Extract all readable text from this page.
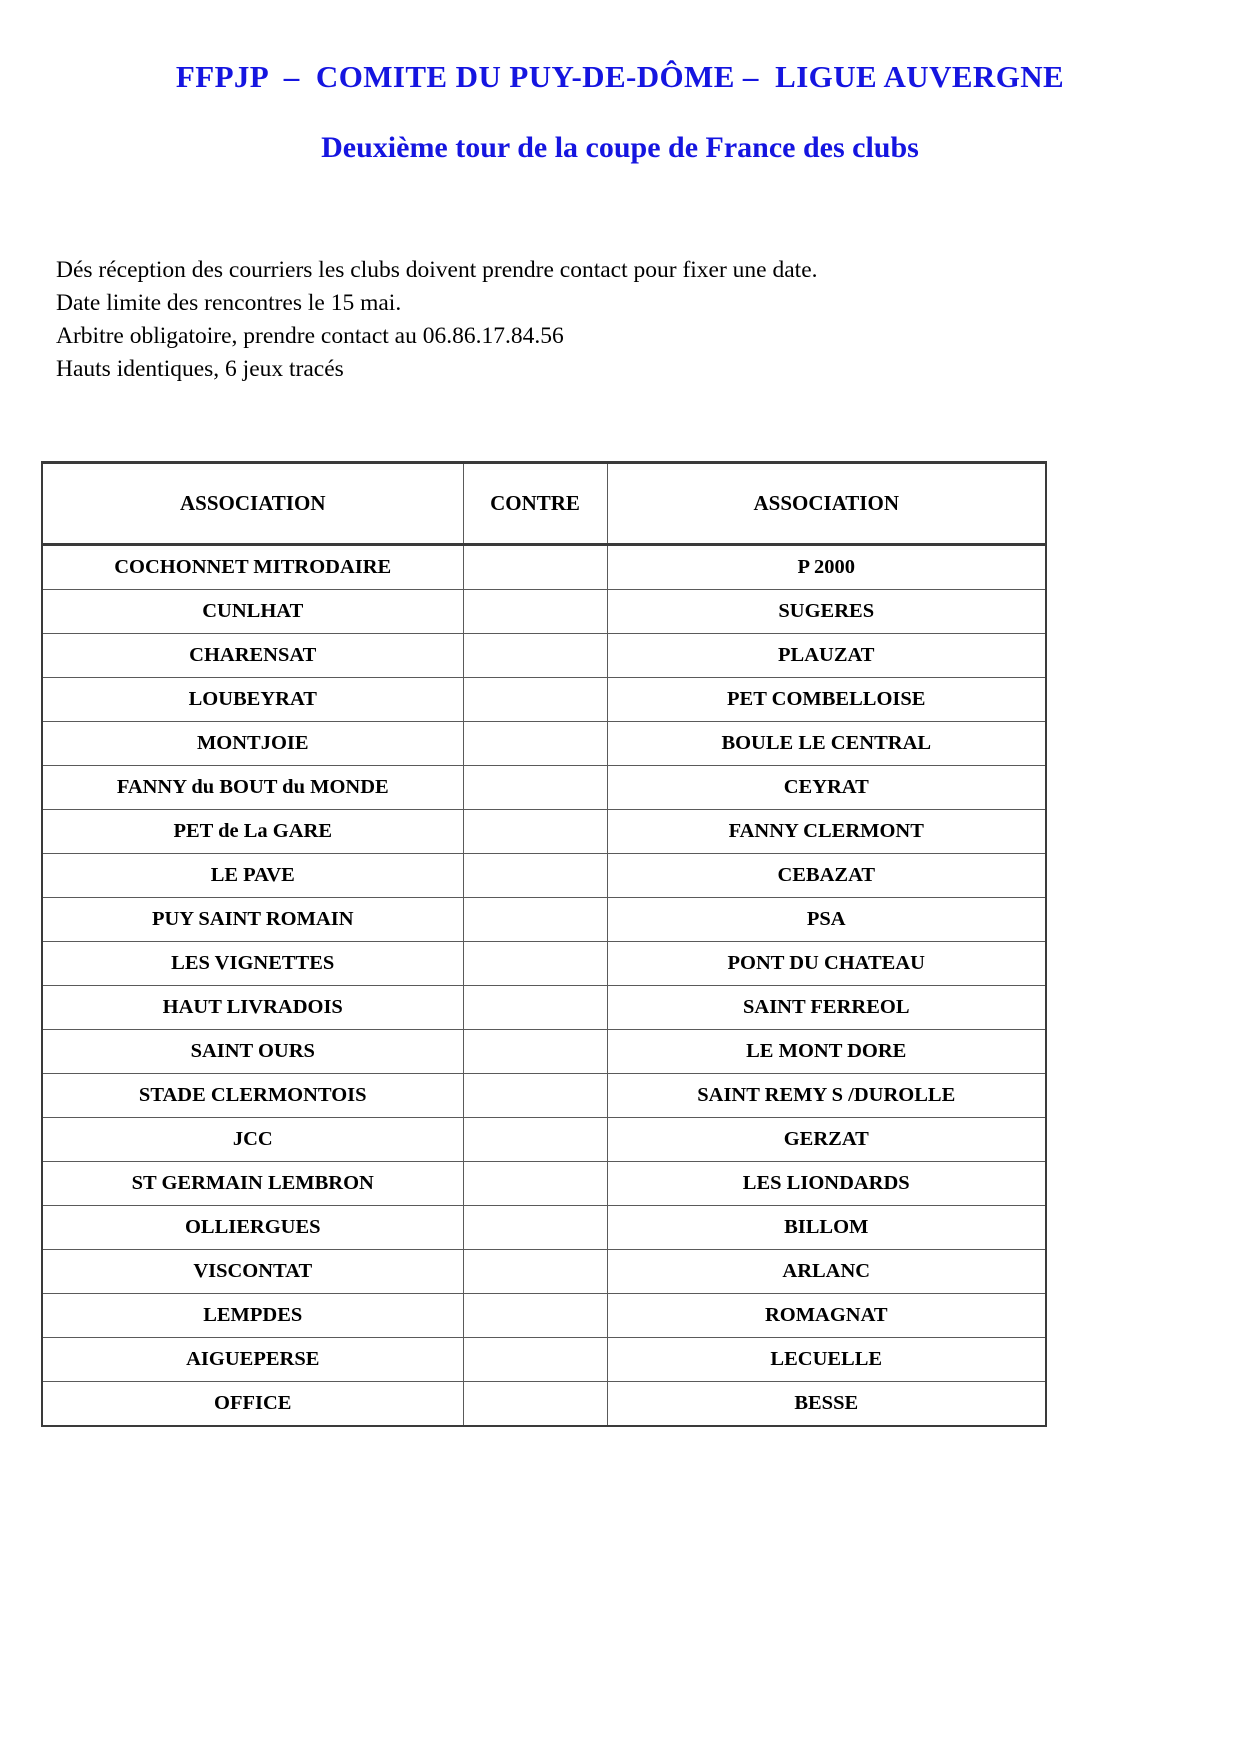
FFPJP  –  COMITE DU PUY-DE-DÔME –  LIGUE AUVERGNE
Deuxième tour de la coupe de France des clubs
Dés réception des courriers les clubs doivent prendre contact pour fixer une date.
Date limite des rencontres le 15 mai.
Arbitre obligatoire, prendre contact au 06.86.17.84.56
Hauts identiques, 6 jeux tracés
ASSOCIATION	CONTRE	ASSOCIATION
COCHONNET MITRODAIRE		P 2000
CUNLHAT		SUGERES
CHARENSAT		PLAUZAT
LOUBEYRAT		PET COMBELLOISE
MONTJOIE		BOULE LE CENTRAL
FANNY du BOUT du MONDE		CEYRAT
PET de La GARE		FANNY CLERMONT
LE PAVE		CEBAZAT
PUY SAINT ROMAIN		PSA
LES VIGNETTES		PONT DU CHATEAU
HAUT LIVRADOIS		SAINT FERREOL
SAINT OURS		LE MONT DORE
STADE CLERMONTOIS		SAINT REMY S /DUROLLE
JCC		GERZAT
ST GERMAIN LEMBRON		LES LIONDARDS
OLLIERGUES		BILLOM
VISCONTAT		ARLANC
LEMPDES		ROMAGNAT
AIGUEPERSE		LECUELLE
OFFICE		BESSE
